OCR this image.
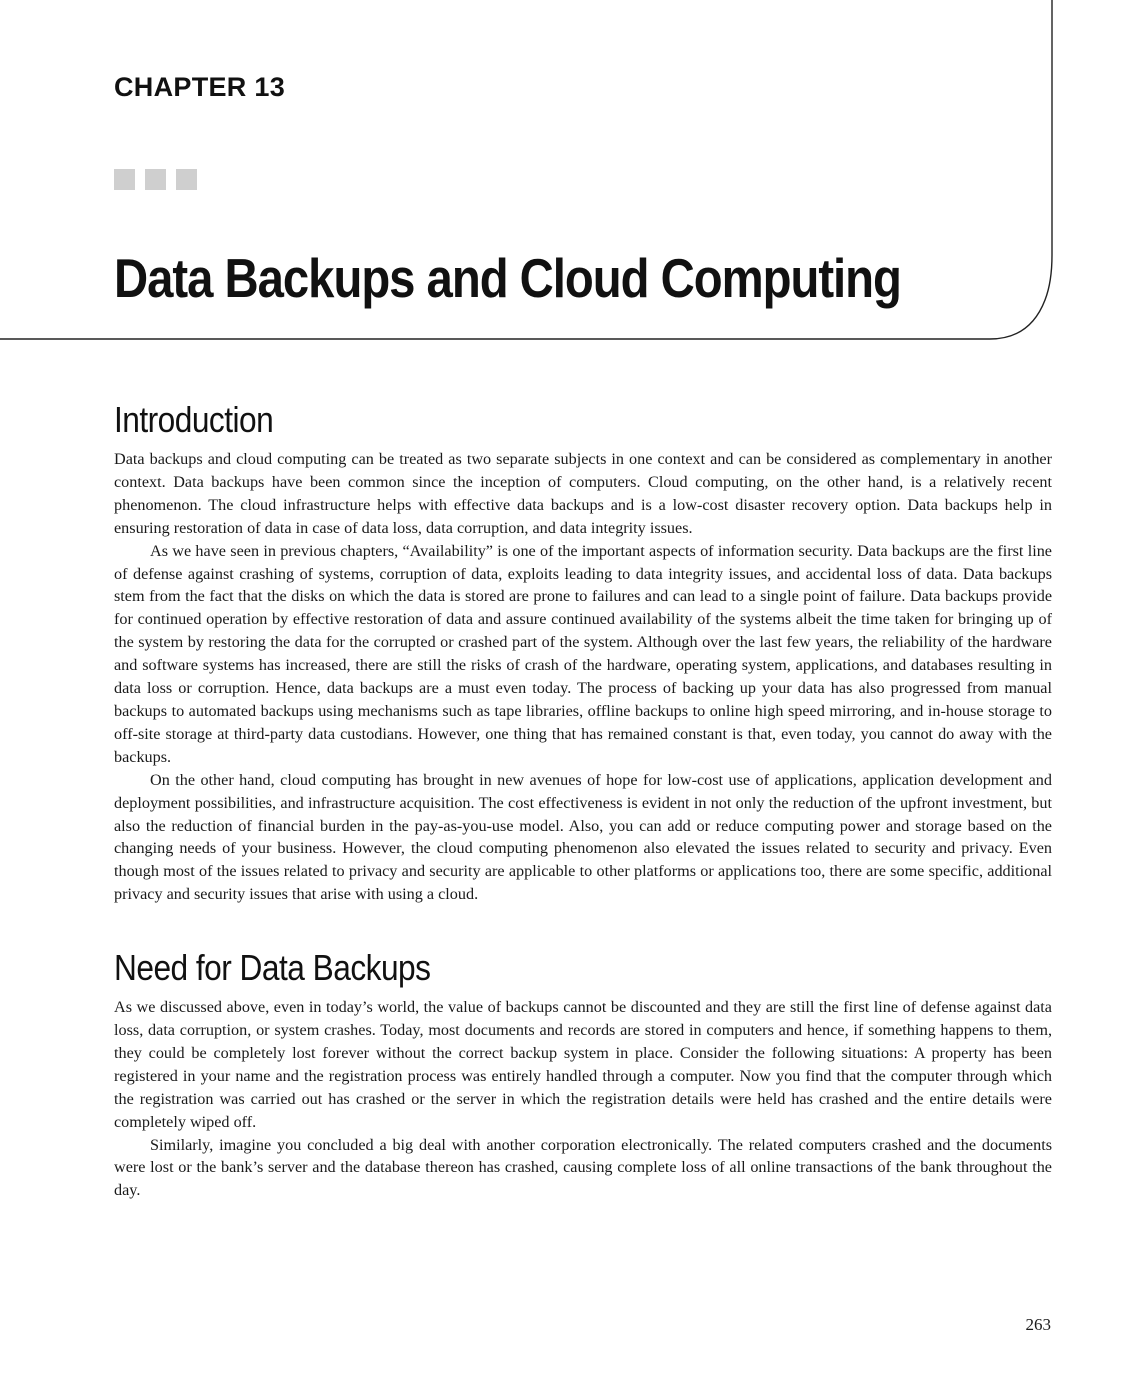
CHAPTER 13
Data Backups and Cloud Computing
Introduction

Data backups and cloud computing can be treated as two separate subjects in one context and can be considered as complementary in another context. Data backups have been common since the inception of computers. Cloud computing, on the other hand, is a relatively recent phenomenon. The cloud infrastructure helps with effective data backups and is a low-cost disaster recovery option. Data backups help in ensuring restoration of data in case of data loss, data corruption, and data integrity issues.

As we have seen in previous chapters, “Availability” is one of the important aspects of information security. Data backups are the first line of defense against crashing of systems, corruption of data, exploits leading to data integrity issues, and accidental loss of data. Data backups stem from the fact that the disks on which the data is stored are prone to failures and can lead to a single point of failure. Data backups provide for continued operation by effective restoration of data and assure continued availability of the systems albeit the time taken for bringing up of the system by restoring the data for the corrupted or crashed part of the system. Although over the last few years, the reliability of the hardware and software systems has increased, there are still the risks of crash of the hardware, operating system, applications, and databases resulting in data loss or corruption. Hence, data backups are a must even today. The process of backing up your data has also progressed from manual backups to automated backups using mechanisms such as tape libraries, offline backups to online high speed mirroring, and in-house storage to off-site storage at third-party data custodians. However, one thing that has remained constant is that, even today, you cannot do away with the backups.

On the other hand, cloud computing has brought in new avenues of hope for low-cost use of applications, application development and deployment possibilities, and infrastructure acquisition. The cost effectiveness is evident in not only the reduction of the upfront investment, but also the reduction of financial burden in the pay-as-you-use model. Also, you can add or reduce computing power and storage based on the changing needs of your business. However, the cloud computing phenomenon also elevated the issues related to security and privacy. Even though most of the issues related to privacy and security are applicable to other platforms or applications too, there are some specific, additional privacy and security issues that arise with using a cloud.

Need for Data Backups

As we discussed above, even in today’s world, the value of backups cannot be discounted and they are still the first line of defense against data loss, data corruption, or system crashes. Today, most documents and records are stored in computers and hence, if something happens to them, they could be completely lost forever without the correct backup system in place. Consider the following situations: A property has been registered in your name and the registration process was entirely handled through a computer. Now you find that the computer through which the registration was carried out has crashed or the server in which the registration details were held has crashed and the entire details were completely wiped off.

Similarly, imagine you concluded a big deal with another corporation electronically. The related computers crashed and the documents were lost or the bank’s server and the database thereon has crashed, causing complete loss of all online transactions of the bank throughout the day.

263
